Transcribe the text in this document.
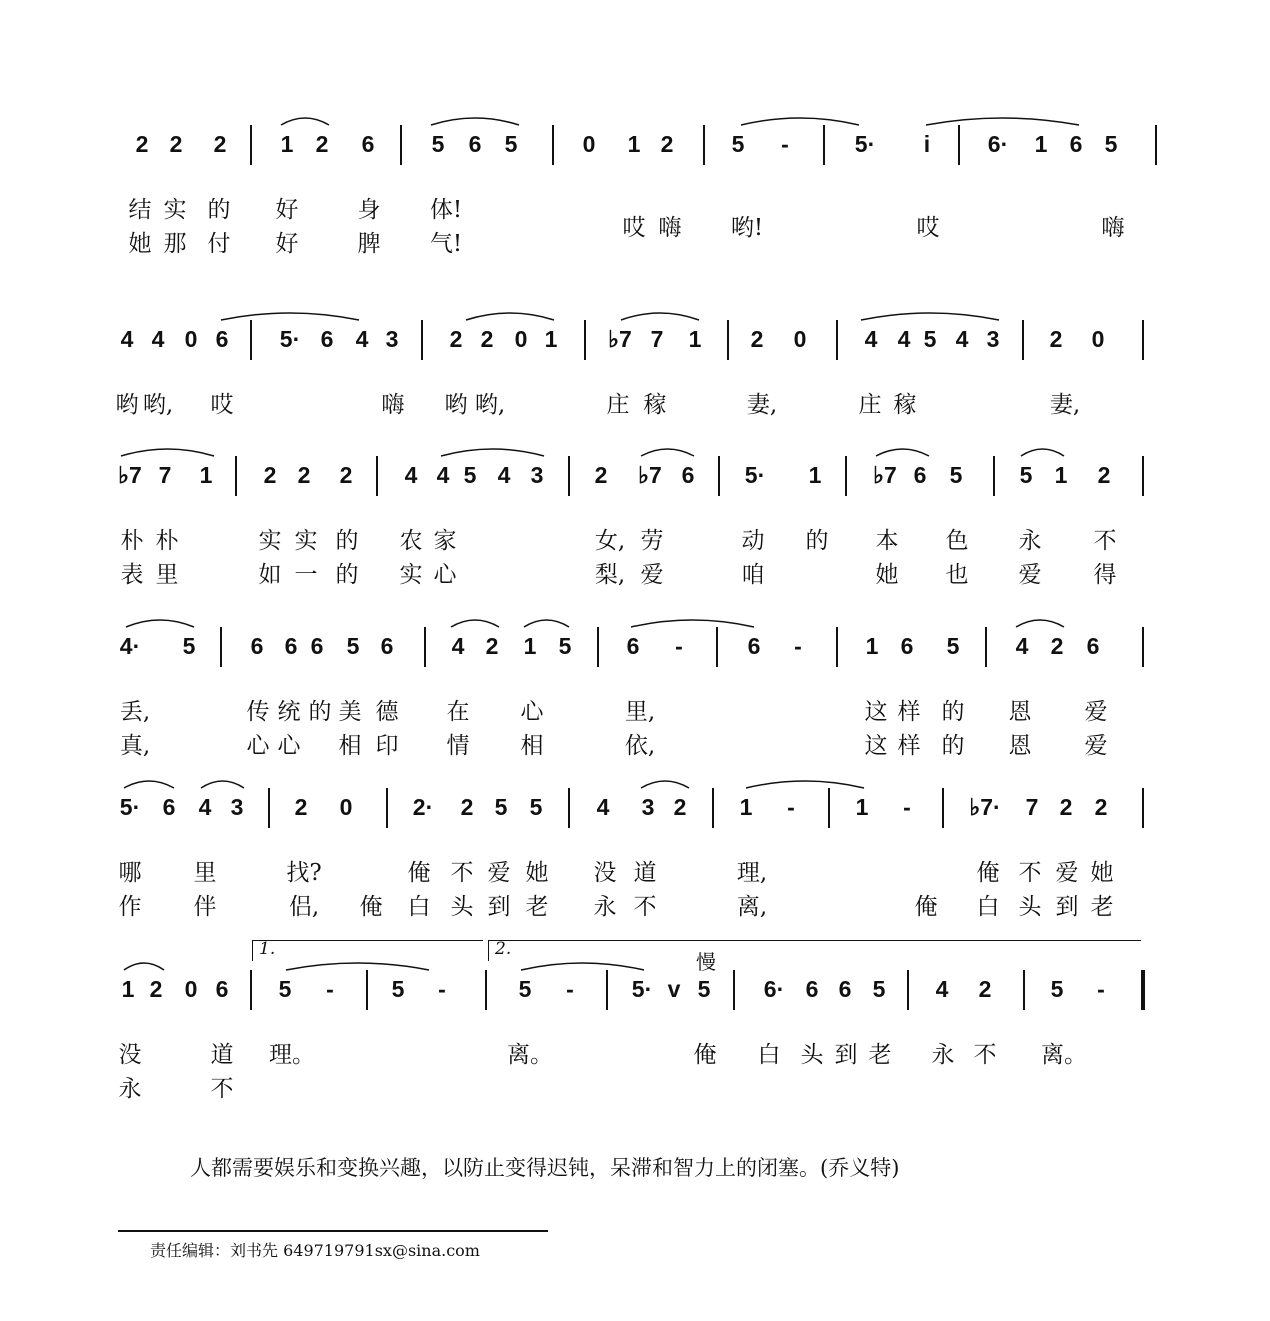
2 2 2 1 2 6 5 6 5	0 1 2	5 -	5· i	6· 1 6 5
结 实 的 好	身 体!
她 那 付 好	脾 气!
哎 嗨 哟!	哎	嗨
4 4 0 6 5· 6 4 3 2 2 0 1 ♭7 7 1 2 0	4 4 5 4 3 2 0
哟 哟, 哎	嗨 哟 哟,	庄 稼	妻,	庄 稼	妻,
♭7 7 1 2 2 2 4 4 5 4 3 2 ♭7 6 5· 1 ♭7 6 5 5 1 2
朴 朴	实 实 的 农 家	女, 劳	动 的 本 色 永 不
表 里	如 一 的 实 心	梨, 爱	咱	她 也 爱 得
4· 5 6 6 6 5 6	4 2 1 5 6 -	6 -	1 6 5 4 2 6
丢,	传 统 的 美 德 在 心	里,	这 样 的 恩 爱
真,	心 心 相 印 情 相	依,	这 样 的 恩 爱
5· 6 4 3 2 0	2· 2 5 5 4 3 2 1 -	1 -	♭7· 7 2 2
哪 里	找?	俺 不 爱 她 没 道	理,	俺 不 爱 她
作 伴	侣, 俺 白 头 到 老 永 不	离,	俺 白 头 到 老
1 2 0 6 5 -	5 -	5 -	5· v 5 6· 6 6 5 4 2	5 -
没	道 理。	离。	俺 白 头 到 老 永 不 离。
永	不
1.	2.
慢
人都需要娱乐和变换兴趣，以防止变得迟钝，呆滞和智力上的闭塞。(乔义特)
责任编辑：刘书先 649719791sx@sina.com
